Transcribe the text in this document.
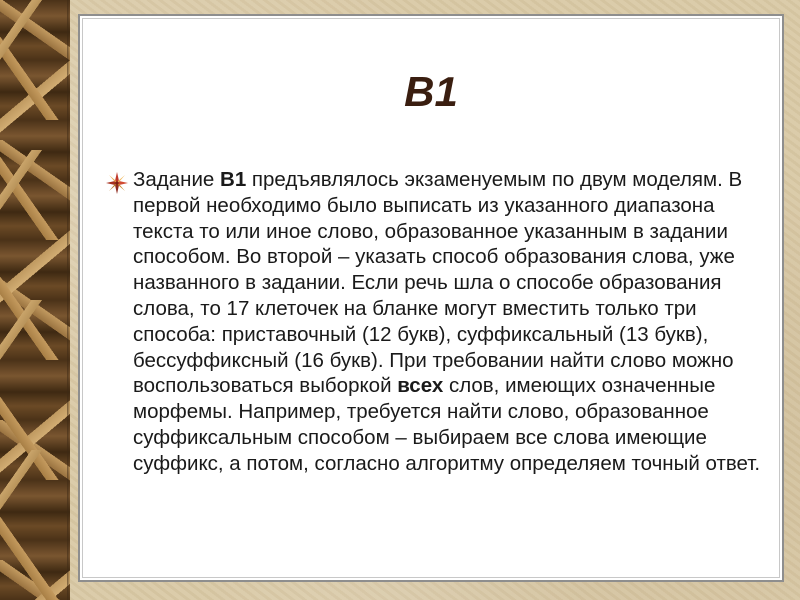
В1

Задание В1 предъявлялось экзаменуемым по двум моделям. В первой необходимо было выписать из указанного диапазона текста то или иное слово, образованное указанным в задании способом. Во второй – указать способ образования слова, уже названного в задании. Если речь шла о способе образования слова, то 17 клеточек на бланке могут вместить только три способа: приставочный (12 букв), суффиксальный (13 букв), бессуффиксный (16 букв). При требовании найти слово можно воспользоваться выборкой всех слов, имеющих означенные морфемы. Например, требуется найти слово, образованное суффиксальным способом – выбираем все слова имеющие суффикс, а потом, согласно алгоритму определяем точный ответ.
